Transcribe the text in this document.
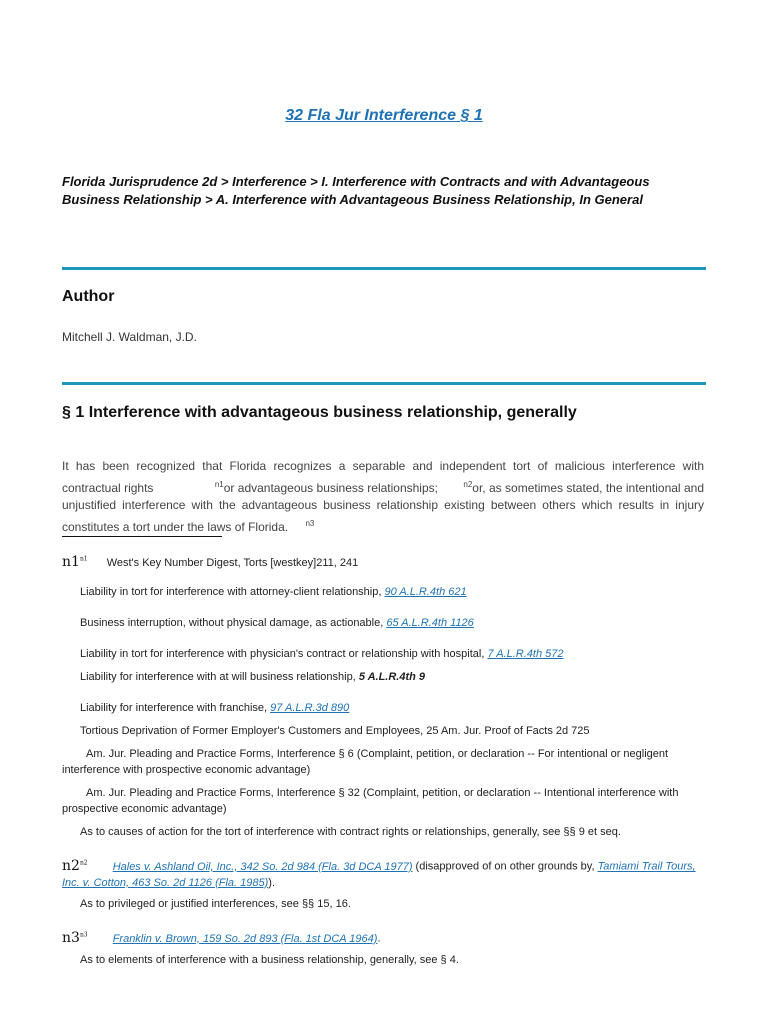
32 Fla Jur Interference § 1
Florida Jurisprudence 2d > Interference > I. Interference with Contracts and with Advantageous
Business Relationship > A. Interference with Advantageous Business Relationship, In General
Author
Mitchell J. Waldman, J.D.
§ 1 Interference with advantageous business relationship, generally
It has been recognized that Florida recognizes a separable and independent tort of malicious interference with contractual rights	$^{n1}$or advantageous business relationships;	$^{n2}$or, as sometimes stated, the intentional and unjustified interference with the advantageous business relationship existing between others which results in injury constitutes a tort under the laws of Florida. $^{n3}$
$n1^{n1}$ West's Key Number Digest, Torts [westkey]211, 241
Liability in tort for interference with attorney-client relationship, 90 A.L.R.4th 621
Business interruption, without physical damage, as actionable, 65 A.L.R.4th 1126
Liability in tort for interference with physician's contract or relationship with hospital, 7 A.L.R.4th 572
Liability for interference with at will business relationship, 5 A.L.R.4th 9
Liability for interference with franchise, 97 A.L.R.3d 890
Tortious Deprivation of Former Employer's Customers and Employees, 25 Am. Jur. Proof of Facts 2d 725
Am. Jur. Pleading and Practice Forms, Interference § 6 (Complaint, petition, or declaration -- For intentional or negligent interference with prospective economic advantage)
Am. Jur. Pleading and Practice Forms, Interference § 32 (Complaint, petition, or declaration -- Intentional interference with prospective economic advantage)
As to causes of action for the tort of interference with contract rights or relationships, generally, see §§ 9 et seq.
$n2^{n2}$ Hales v. Ashland Oil, Inc., 342 So. 2d 984 (Fla. 3d DCA 1977) (disapproved of on other grounds by, Tamiami Trail Tours, Inc. v. Cotton, 463 So. 2d 1126 (Fla. 1985)).
As to privileged or justified interferences, see §§ 15, 16.
$n3^{n3}$ Franklin v. Brown, 159 So. 2d 893 (Fla. 1st DCA 1964).
As to elements of interference with a business relationship, generally, see § 4.
